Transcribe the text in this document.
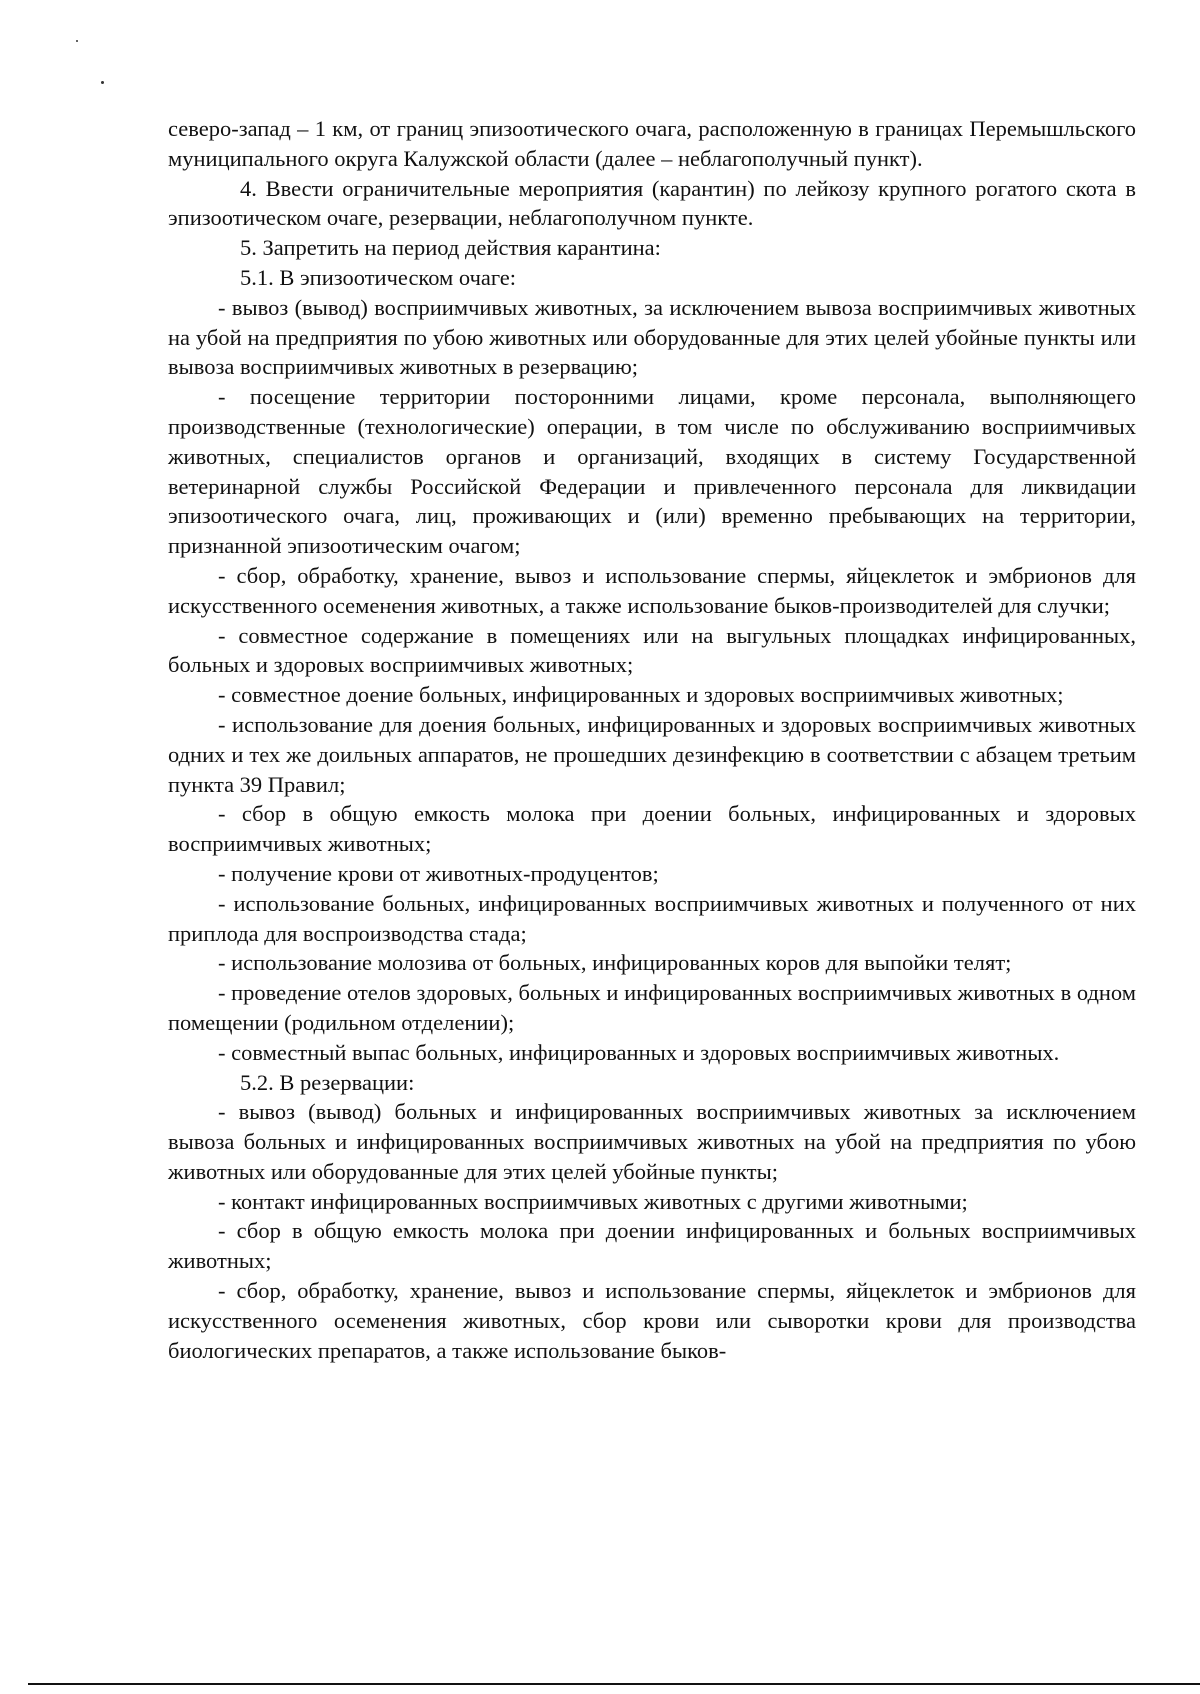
северо-запад – 1 км, от границ эпизоотического очага, расположенную в границах Перемышльского муниципального округа Калужской области (далее – неблагополучный пункт).

4. Ввести ограничительные мероприятия (карантин) по лейкозу крупного рогатого скота в эпизоотическом очаге, резервации, неблагополучном пункте.

5. Запретить на период действия карантина:

5.1. В эпизоотическом очаге:

- вывоз (вывод) восприимчивых животных, за исключением вывоза восприимчивых животных на убой на предприятия по убою животных или оборудованные для этих целей убойные пункты или вывоза восприимчивых животных в резервацию;

- посещение территории посторонними лицами, кроме персонала, выполняющего производственные (технологические) операции, в том числе по обслуживанию восприимчивых животных, специалистов органов и организаций, входящих в систему Государственной ветеринарной службы Российской Федерации и привлеченного персонала для ликвидации эпизоотического очага, лиц, проживающих и (или) временно пребывающих на территории, признанной эпизоотическим очагом;

- сбор, обработку, хранение, вывоз и использование спермы, яйцеклеток и эмбрионов для искусственного осеменения животных, а также использование быков-производителей для случки;

- совместное содержание в помещениях или на выгульных площадках инфицированных, больных и здоровых восприимчивых животных;

- совместное доение больных, инфицированных и здоровых восприимчивых животных;

- использование для доения больных, инфицированных и здоровых восприимчивых животных одних и тех же доильных аппаратов, не прошедших дезинфекцию в соответствии с абзацем третьим пункта 39 Правил;

- сбор в общую емкость молока при доении больных, инфицированных и здоровых восприимчивых животных;

- получение крови от животных-продуцентов;

- использование больных, инфицированных восприимчивых животных и полученного от них приплода для воспроизводства стада;

- использование молозива от больных, инфицированных коров для выпойки телят;

- проведение отелов здоровых, больных и инфицированных восприимчивых животных в одном помещении (родильном отделении);

- совместный выпас больных, инфицированных и здоровых восприимчивых животных.

5.2. В резервации:

- вывоз (вывод) больных и инфицированных восприимчивых животных за исключением вывоза больных и инфицированных восприимчивых животных на убой на предприятия по убою животных или оборудованные для этих целей убойные пункты;

- контакт инфицированных восприимчивых животных с другими животными;

- сбор в общую емкость молока при доении инфицированных и больных восприимчивых животных;

- сбор, обработку, хранение, вывоз и использование спермы, яйцеклеток и эмбрионов для искусственного осеменения животных, сбор крови или сыворотки крови для производства биологических препаратов, а также использование быков-
